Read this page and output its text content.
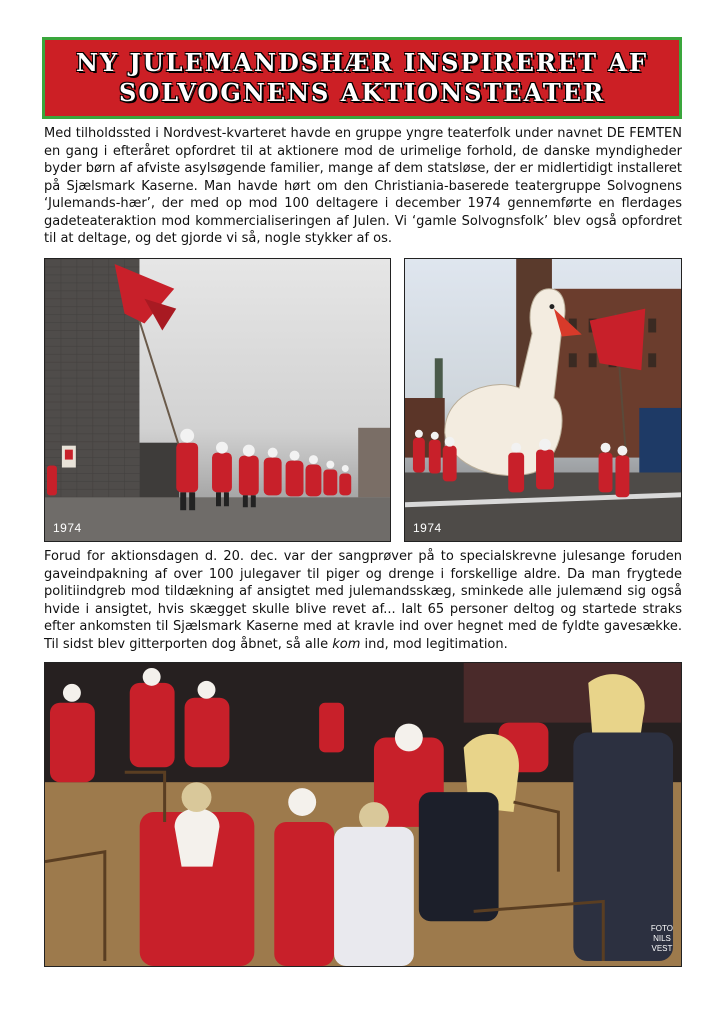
NY JULEMANDSHÆR INSPIRERET AF
SOLVOGNENS AKTIONSTEATER

Med tilholdssted i Nordvest-kvarteret havde en gruppe yngre teaterfolk under navnet DE FEMTEN en gang i efteråret opfordret til at aktionere mod de urimelige forhold, de danske myndigheder byder børn af afviste asylsøgende familier, mange af dem statsløse, der er midlertidigt installeret på Sjælsmark Kaserne. Man havde hørt om den Christiania-baserede teatergruppe Solvognens ‘Julemands-hær’, der med op mod 100 deltagere i december 1974 gennemførte en flerdages gadeteateraktion mod kommercialiseringen af Julen. Vi ‘gamle Solvognsfolk’ blev også opfordret til at deltage, og det gjorde vi så, nogle stykker af os.

1974	1974

Forud for aktionsdagen d. 20. dec. var der sangprøver på to specialskrevne julesange foruden gaveindpakning af over 100 julegaver til piger og drenge i forskellige aldre. Da man frygtede politiindgreb mod tildækning af ansigtet med julemandsskæg, sminkede alle julemænd sig også hvide i ansigtet, hvis skægget skulle blive revet af... Ialt 65 personer deltog og startede straks efter ankomsten til Sjælsmark Kaserne med at kravle ind over hegnet med de fyldte gavesække. Til sidst blev gitterporten dog åbnet, så alle kom ind, mod legitimation.

FOTO
NILS
VEST
